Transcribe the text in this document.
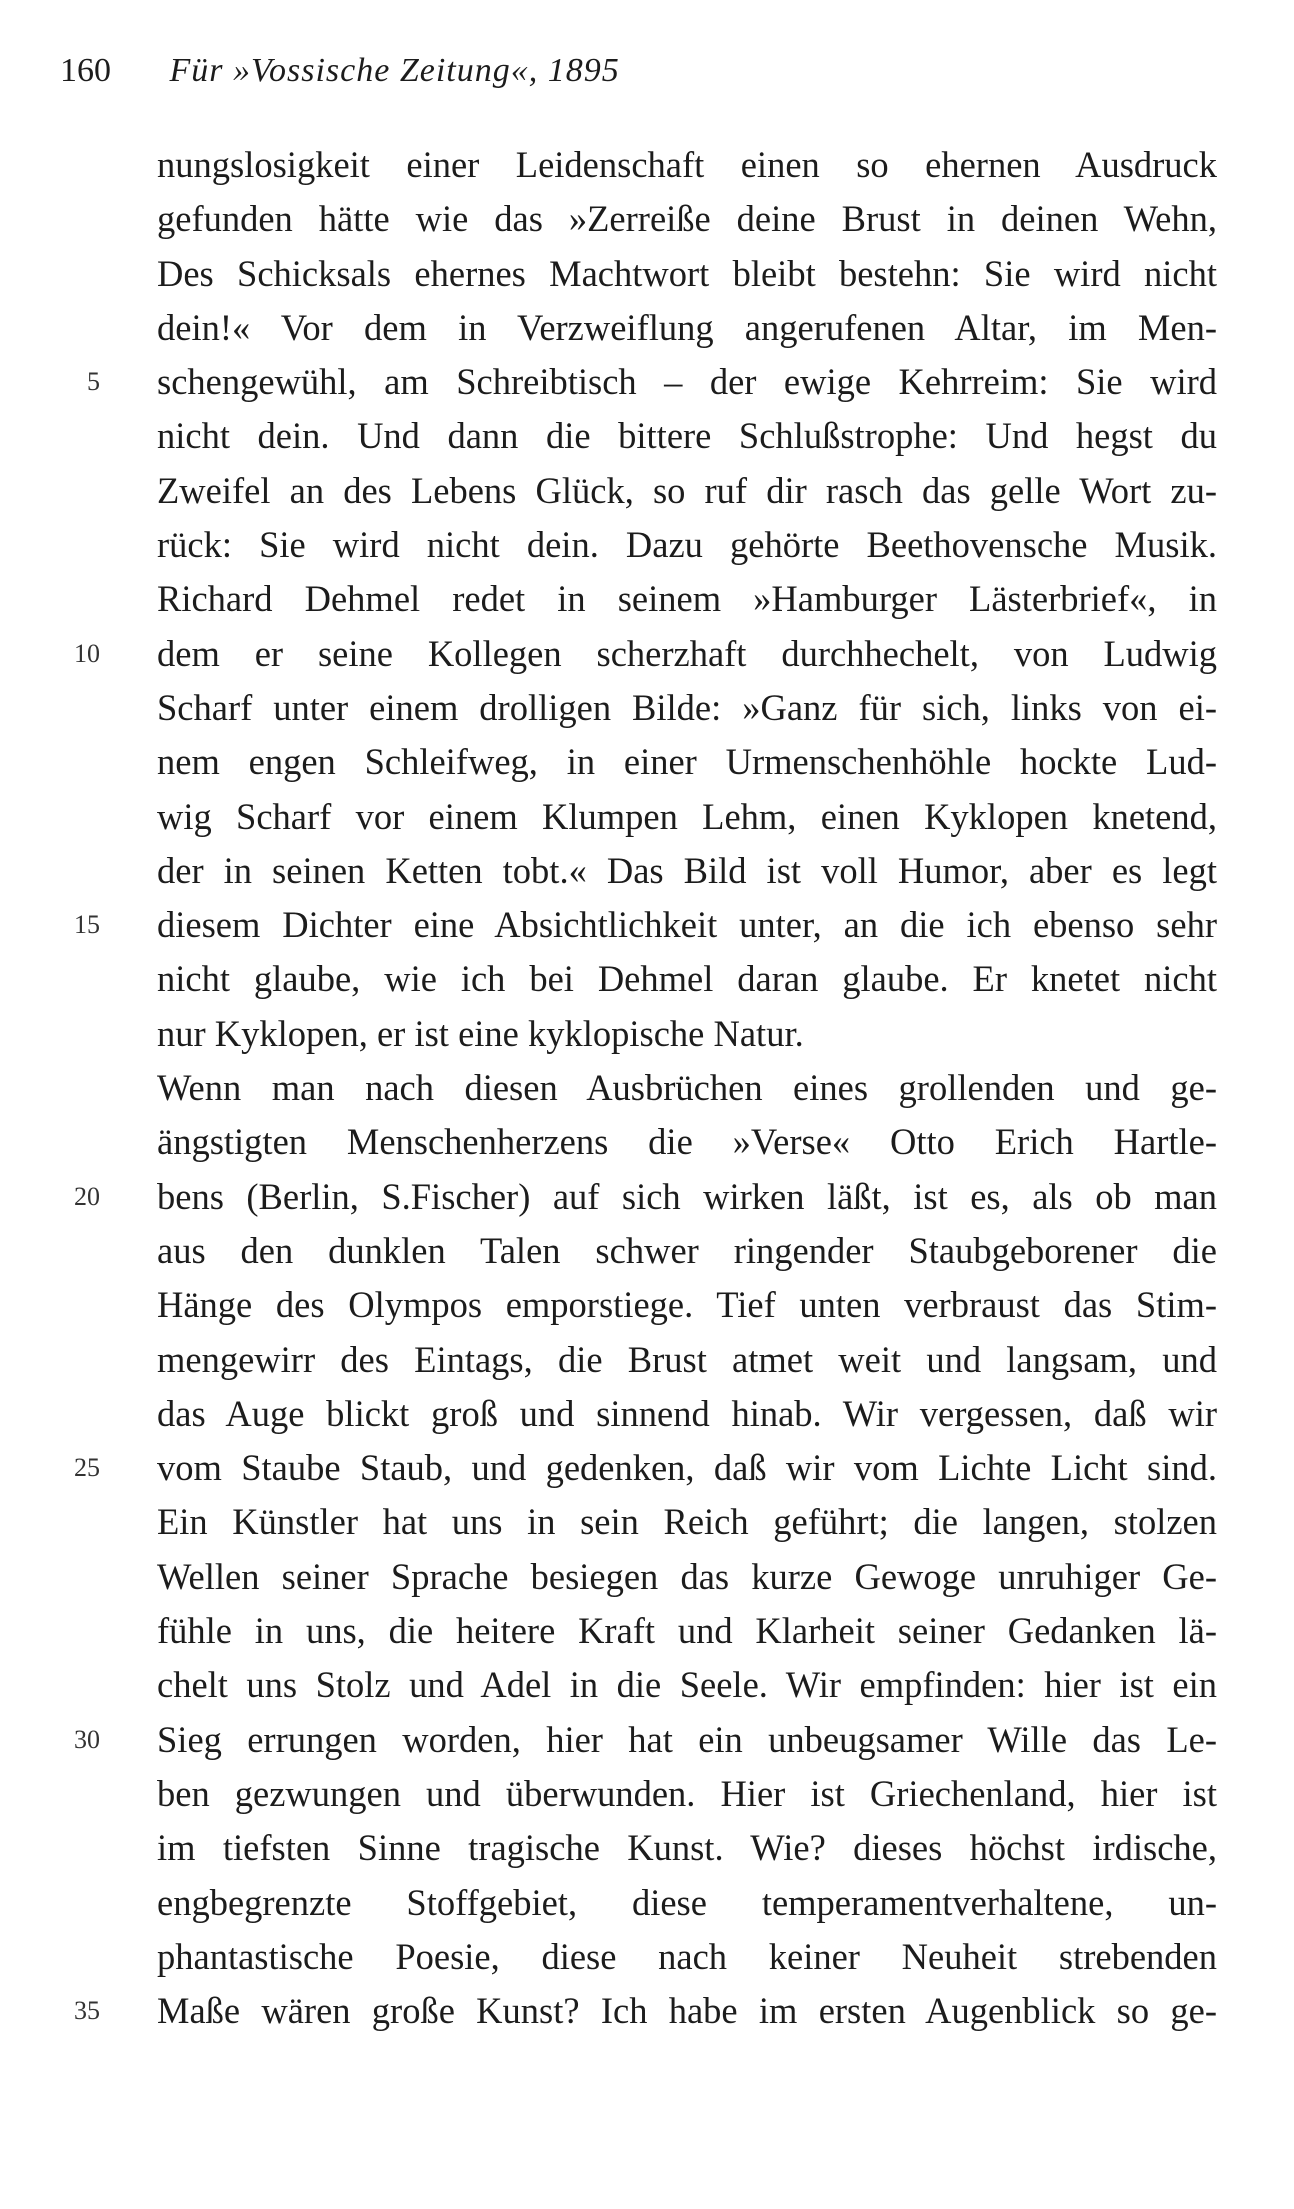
160 Für »Vossische Zeitung«, 1895
5
10
15
20
25
30
35
nungslosigkeit einer Leidenschaft einen so ehernen Ausdruck
gefunden hätte wie das »Zerreiße deine Brust in deinen Wehn,
Des Schicksals ehernes Machtwort bleibt bestehn: Sie wird nicht
dein!« Vor dem in Verzweiflung angerufenen Altar, im Men-
schengewühl, am Schreibtisch – der ewige Kehrreim: Sie wird
nicht dein. Und dann die bittere Schlußstrophe: Und hegst du
Zweifel an des Lebens Glück, so ruf dir rasch das gelle Wort zu-
rück: Sie wird nicht dein. Dazu gehörte Beethovensche Musik.
Richard Dehmel redet in seinem »Hamburger Lästerbrief«, in
dem er seine Kollegen scherzhaft durchhechelt, von Ludwig
Scharf unter einem drolligen Bilde: »Ganz für sich, links von ei-
nem engen Schleifweg, in einer Urmenschenhöhle hockte Lud-
wig Scharf vor einem Klumpen Lehm, einen Kyklopen knetend,
der in seinen Ketten tobt.« Das Bild ist voll Humor, aber es legt
diesem Dichter eine Absichtlichkeit unter, an die ich ebenso sehr
nicht glaube, wie ich bei Dehmel daran glaube. Er knetet nicht
nur Kyklopen, er ist eine kyklopische Natur.
Wenn man nach diesen Ausbrüchen eines grollenden und ge-
ängstigten Menschenherzens die »Verse« Otto Erich Hartle-
bens (Berlin, S.Fischer) auf sich wirken läßt, ist es, als ob man
aus den dunklen Talen schwer ringender Staubgeborener die
Hänge des Olympos emporstiege. Tief unten verbraust das Stim-
mengewirr des Eintags, die Brust atmet weit und langsam, und
das Auge blickt groß und sinnend hinab. Wir vergessen, daß wir
vom Staube Staub, und gedenken, daß wir vom Lichte Licht sind.
Ein Künstler hat uns in sein Reich geführt; die langen, stolzen
Wellen seiner Sprache besiegen das kurze Gewoge unruhiger Ge-
fühle in uns, die heitere Kraft und Klarheit seiner Gedanken lä-
chelt uns Stolz und Adel in die Seele. Wir empfinden: hier ist ein
Sieg errungen worden, hier hat ein unbeugsamer Wille das Le-
ben gezwungen und überwunden. Hier ist Griechenland, hier ist
im tiefsten Sinne tragische Kunst. Wie? dieses höchst irdische,
engbegrenzte Stoffgebiet, diese temperamentverhaltene, un-
phantastische Poesie, diese nach keiner Neuheit strebenden
Maße wären große Kunst? Ich habe im ersten Augenblick so ge-
